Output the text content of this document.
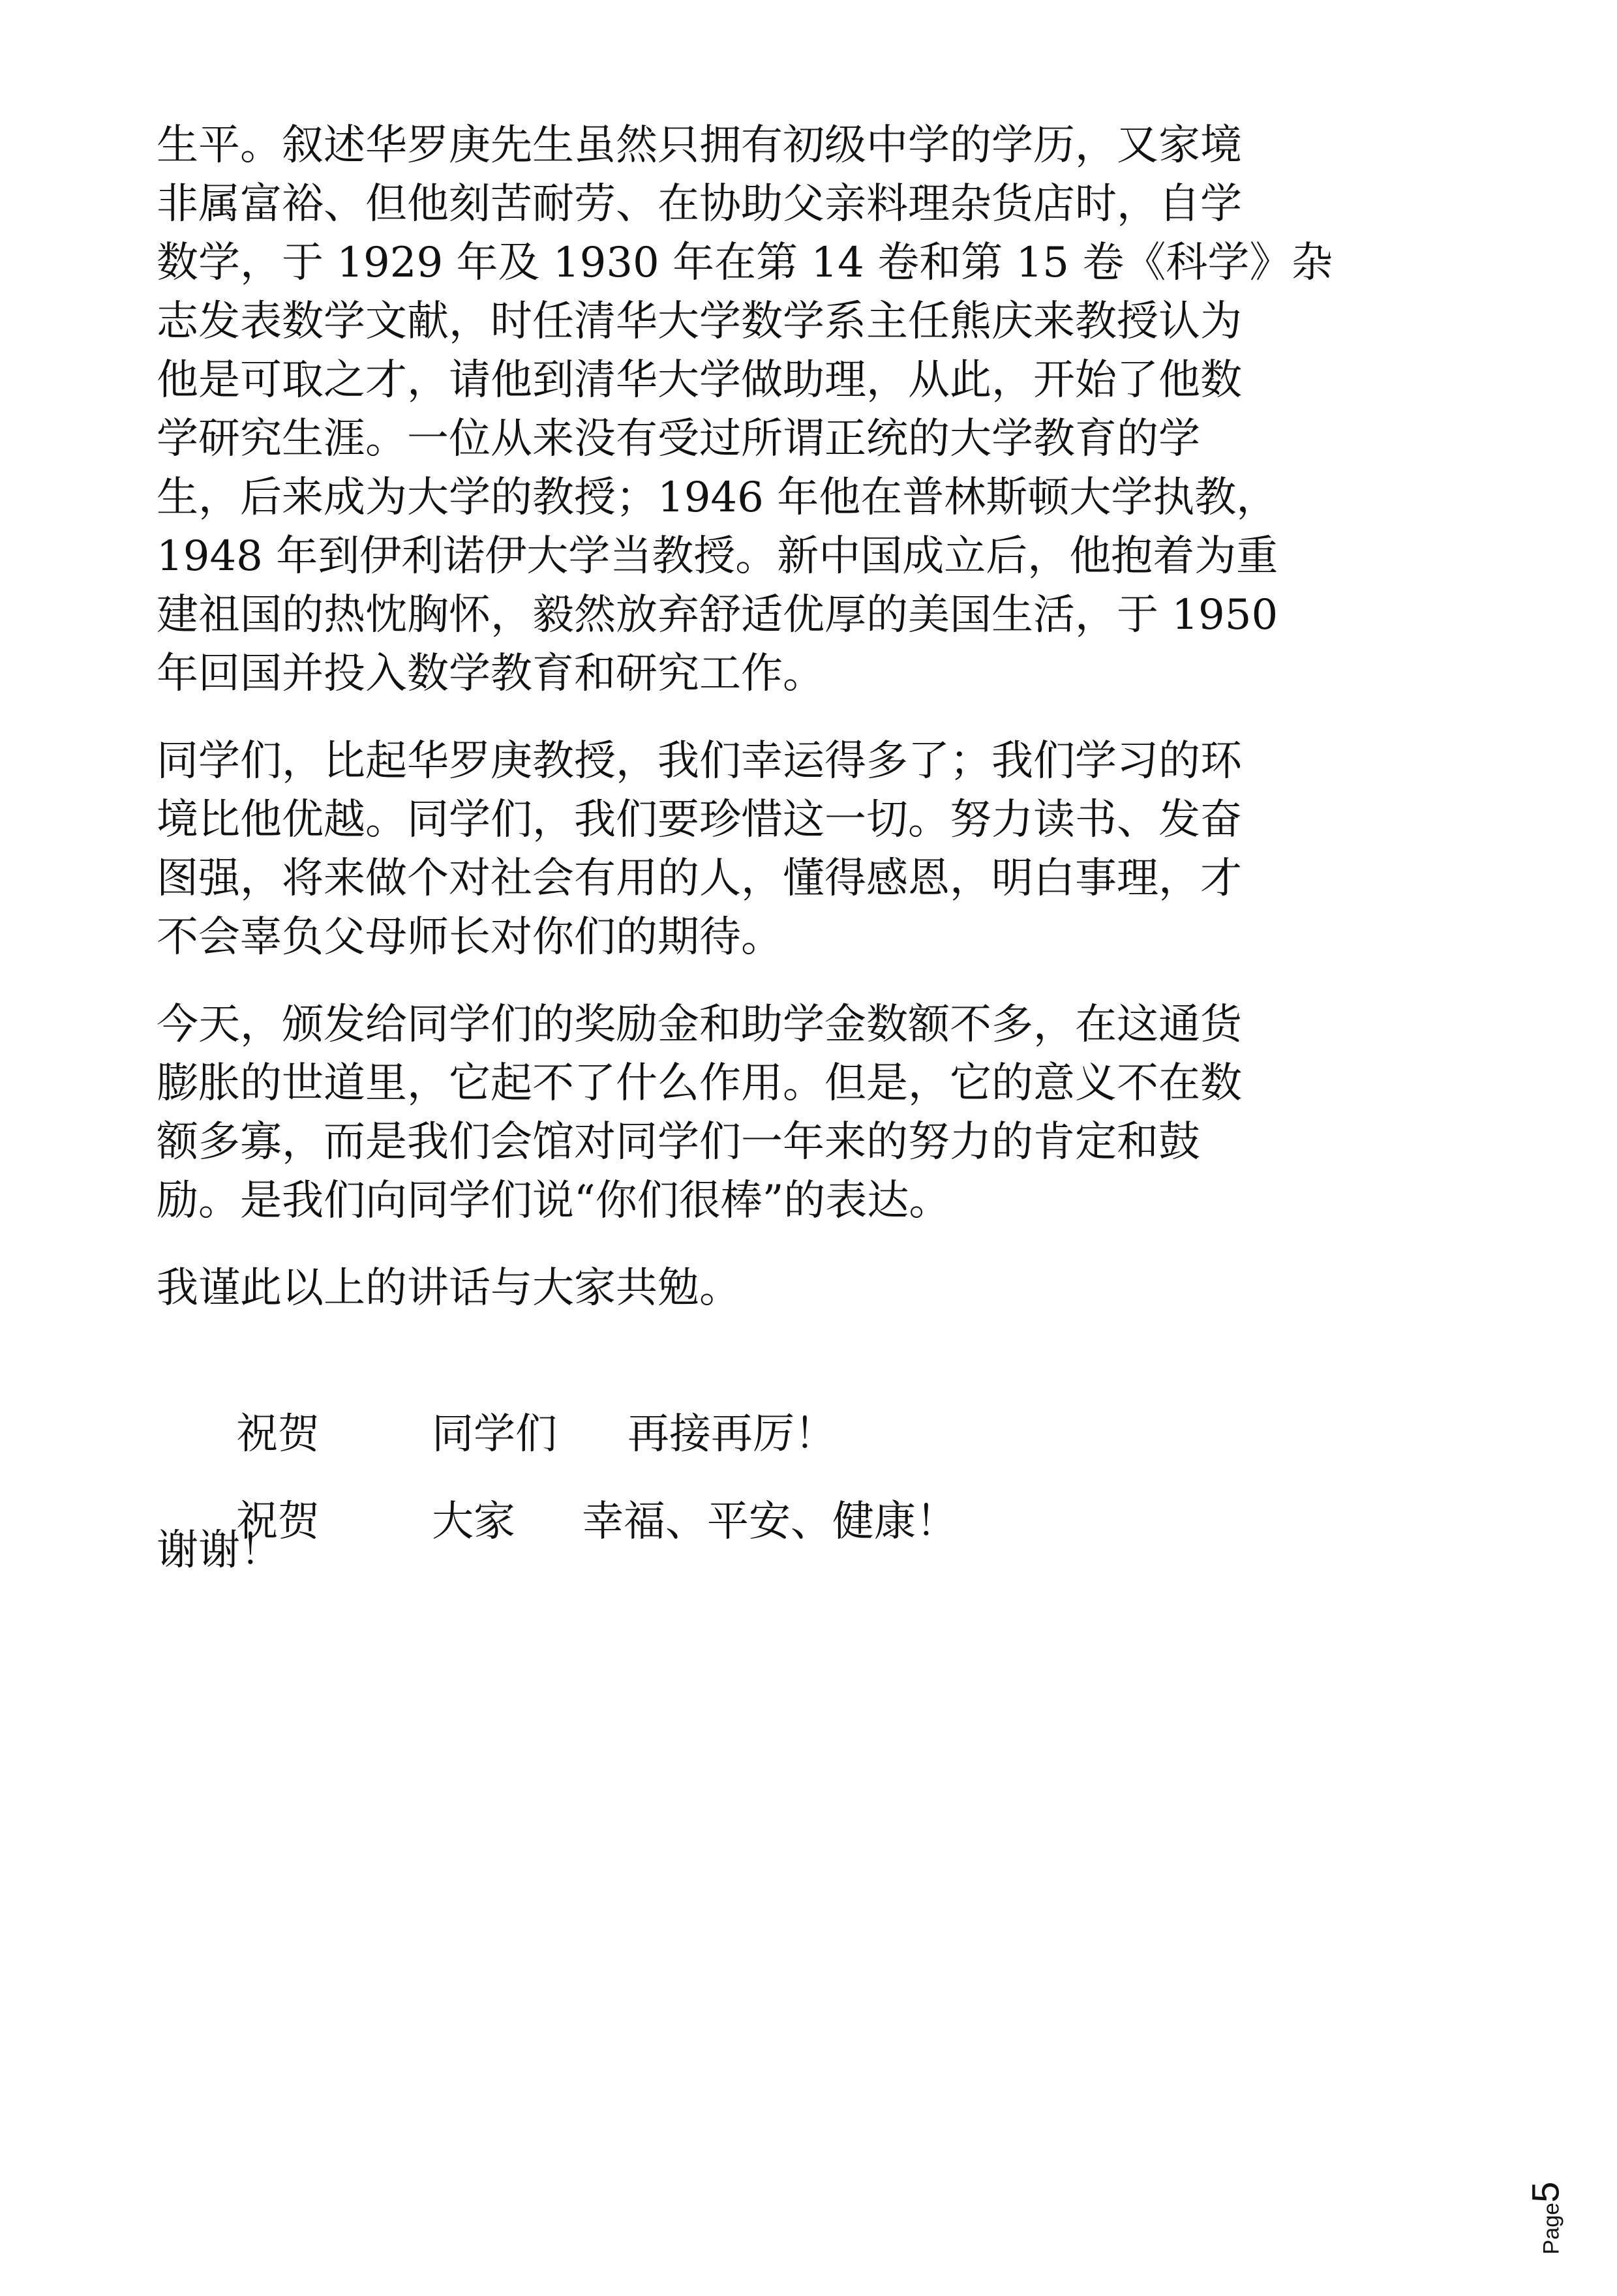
生平。叙述华罗庚先生虽然只拥有初级中学的学历，又家境
非属富裕、但他刻苦耐劳、在协助父亲料理杂货店时，自学
数学，于 1929 年及 1930 年在第 14 卷和第 15 卷《科学》杂
志发表数学文献，时任清华大学数学系主任熊庆来教授认为
他是可取之才，请他到清华大学做助理，从此，开始了他数
学研究生涯。一位从来没有受过所谓正统的大学教育的学
生，后来成为大学的教授；1946 年他在普林斯顿大学执教，
1948 年到伊利诺伊大学当教授。新中国成立后，他抱着为重
建祖国的热忱胸怀，毅然放弃舒适优厚的美国生活，于 1950
年回国并投入数学教育和研究工作。

同学们，比起华罗庚教授，我们幸运得多了；我们学习的环
境比他优越。同学们，我们要珍惜这一切。努力读书、发奋
图强，将来做个对社会有用的人，懂得感恩，明白事理，才
不会辜负父母师长对你们的期待。

今天，颁发给同学们的奖励金和助学金数额不多，在这通货
膨胀的世道里，它起不了什么作用。但是，它的意义不在数
额多寡，而是我们会馆对同学们一年来的努力的肯定和鼓
励。是我们向同学们说“你们很棒”的表达。

我谨此以上的讲话与大家共勉。

祝贺	同学们 再接再厉！

祝贺	大家 幸福、平安、健康！

谢谢！

Page
5
